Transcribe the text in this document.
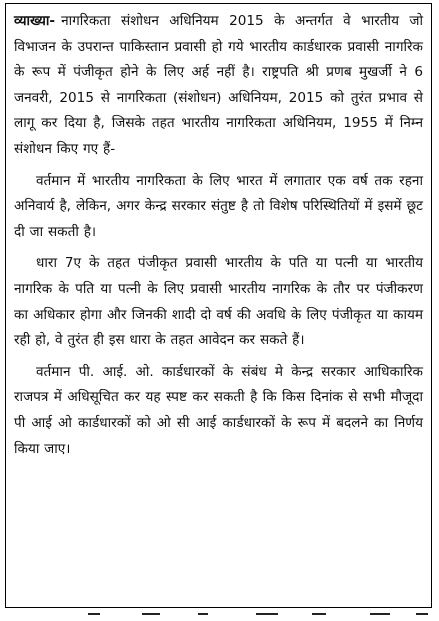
व्याख्या- नागरिकता संशोधन अधिनियम 2015 के अन्तर्गत वे भारतीय जो विभाजन के उपरान्त पाकिस्तान प्रवासी हो गये भारतीय कार्डधारक प्रवासी नागरिक के रूप में पंजीकृत होने के लिए अर्ह नहीं है। राष्ट्रपति श्री प्रणब मुखर्जी ने 6 जनवरी, 2015 से नागरिकता (संशोधन) अधिनियम, 2015 को तुरंत प्रभाव से लागू कर दिया है, जिसके तहत भारतीय नागरिकता अधिनियम, 1955 में निम्न संशोधन किए गए हैं-

वर्तमान में भारतीय नागरिकता के लिए भारत में लगातार एक वर्ष तक रहना अनिवार्य है, लेकिन, अगर केन्द्र सरकार संतुष्ट है तो विशेष परिस्थितियों में इसमें छूट दी जा सकती है।

धारा 7ए के तहत पंजीकृत प्रवासी भारतीय के पति या पत्नी या भारतीय नागरिक के पति या पत्नी के लिए प्रवासी भारतीय नागरिक के तौर पर पंजीकरण का अधिकार होगा और जिनकी शादी दो वर्ष की अवधि के लिए पंजीकृत या कायम रही हो, वे तुरंत ही इस धारा के तहत आवेदन कर सकते हैं।

वर्तमान पी. आई. ओ. कार्डधारकों के संबंध मे केन्द्र सरकार आधिकारिक राजपत्र में अधिसूचित कर यह स्पष्ट कर सकती है कि किस दिनांक से सभी मौजूदा पी आई ओ कार्डधारकों को ओ सी आई कार्डधारकों के रूप में बदलने का निर्णय किया जाए।
